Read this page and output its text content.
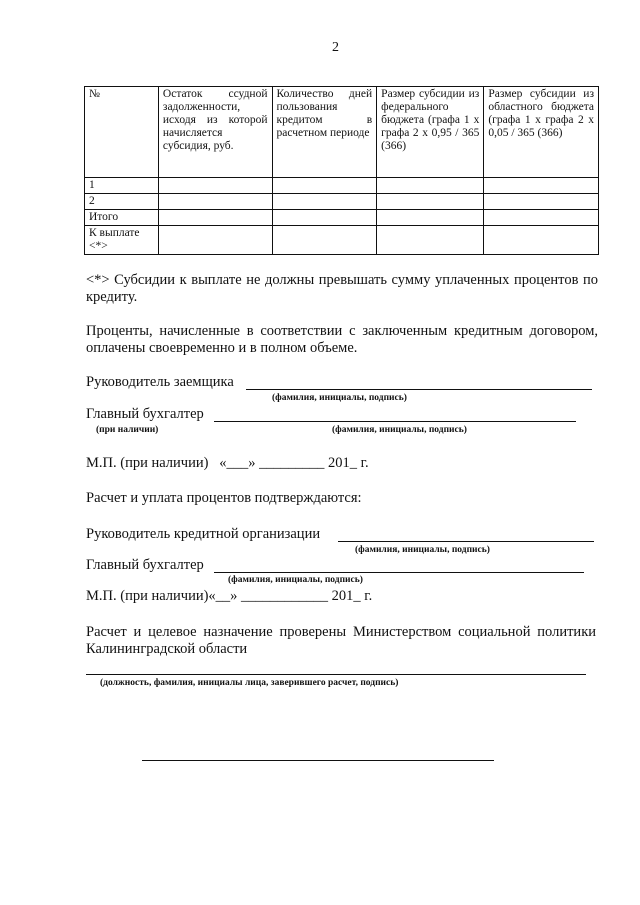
2
№	Остаток ссудной задолженности, исходя из которой начисляется субсидия, руб.	Количество дней пользования кредитом в расчетном периоде	Размер субсидии из федерального бюджета (графа 1 х графа 2 х 0,95 / 365 (366)	Размер субсидии из областного бюджета (графа 1 х графа 2 х 0,05 / 365 (366)
1				
2				
Итого				
К выплате <*>				
<*> Субсидии к выплате не должны превышать сумму уплаченных процентов по кредиту.
Проценты, начисленные в соответствии с заключенным кредитным договором, оплачены своевременно и в полном объеме.
Руководитель заемщика
(фамилия, инициалы, подпись)
Главный бухгалтер
(при наличии)	(фамилия, инициалы, подпись)
М.П. (при наличии)   «___» _________ 201_ г.
Расчет и уплата процентов подтверждаются:
Руководитель кредитной организации
(фамилия, инициалы, подпись)
Главный бухгалтер
(фамилия, инициалы, подпись)
М.П. (при наличии)«__» ____________ 201_ г.
Расчет и целевое назначение проверены Министерством социальной политики Калининградской области
(должность, фамилия, инициалы лица, заверившего расчет, подпись)
